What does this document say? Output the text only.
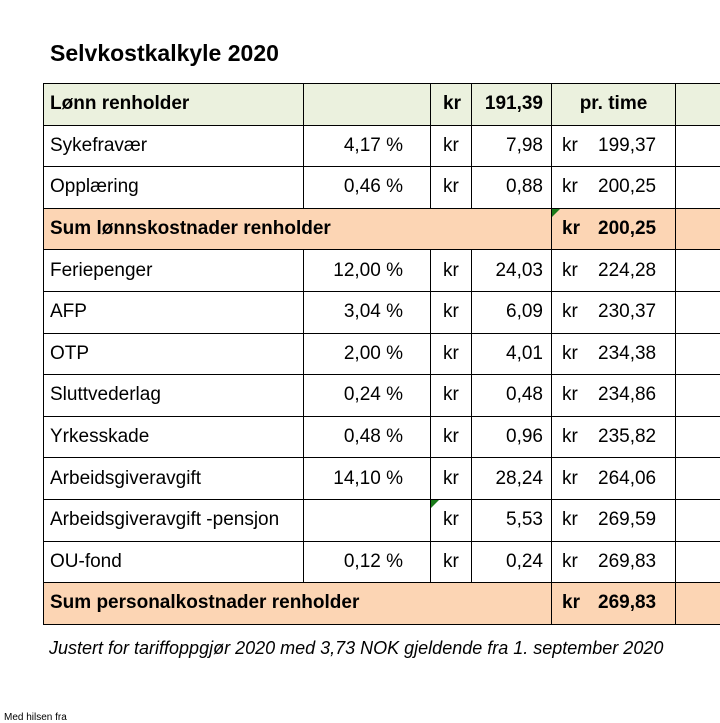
Selvkostkalkyle 2020
Lønn renholder		kr	191,39	pr. time	
Sykefravær	4,17 %	kr	7,98	kr 199,37	
Opplæring	0,46 %	kr	0,88	kr 200,25	
Sum lønnskostnader renholder				kr 200,25	
Feriepenger	12,00 %	kr	24,03	kr 224,28	
AFP	3,04 %	kr	6,09	kr 230,37	
OTP	2,00 %	kr	4,01	kr 234,38	
Sluttvederlag	0,24 %	kr	0,48	kr 234,86	
Yrkesskade	0,48 %	kr	0,96	kr 235,82	
Arbeidsgiveravgift	14,10 %	kr	28,24	kr 264,06	
Arbeidsgiveravgift -pensjon		kr	5,53	kr 269,59	
OU-fond	0,12 %	kr	0,24	kr 269,83	
Sum personalkostnader renholder				kr 269,83	
Justert for tariffoppgjør 2020 med 3,73 NOK gjeldende fra 1. september 2020
Med hilsen fra
